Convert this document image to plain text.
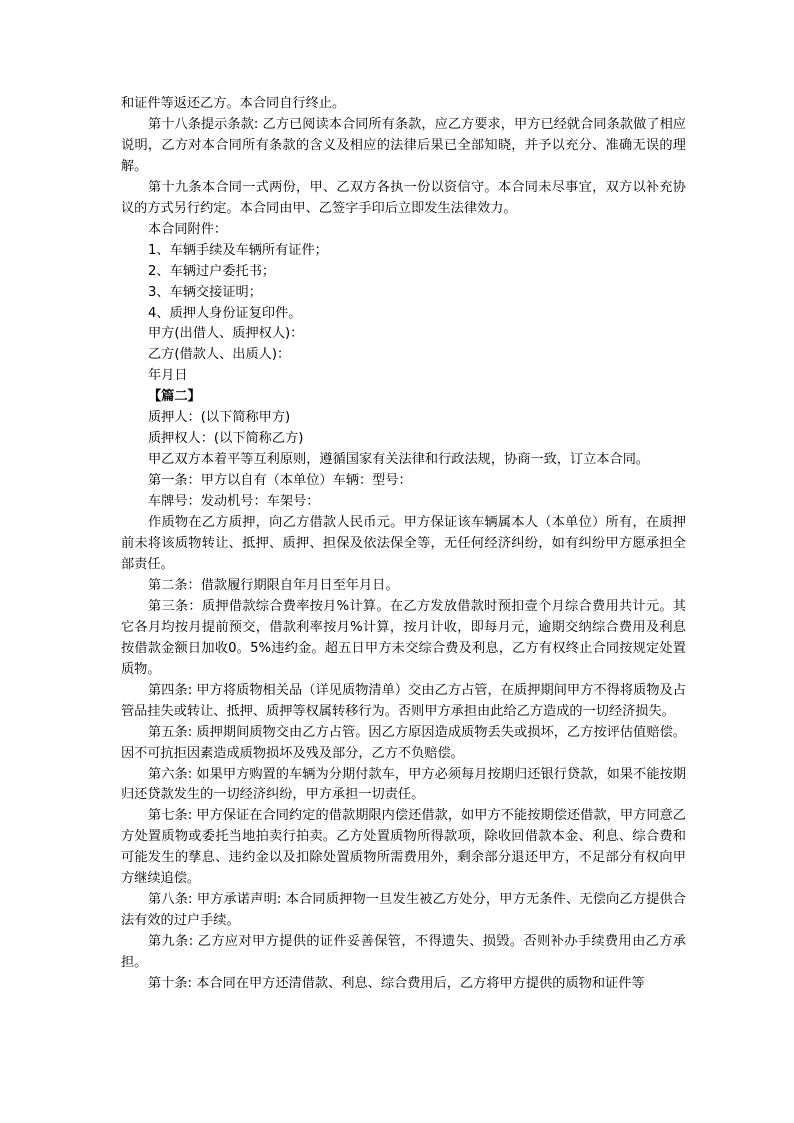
和证件等返还乙方。本合同自行终止。

第十八条提示条款: 乙方已阅读本合同所有条款，应乙方要求，甲方已经就合同条款做了相应说明，乙方对本合同所有条款的含义及相应的法律后果已全部知晓，并予以充分、准确无误的理解。

第十九条本合同一式两份，甲、乙双方各执一份以资信守。本合同未尽事宜，双方以补充协议的方式另行约定。本合同由甲、乙签字手印后立即发生法律效力。

本合同附件：

1、车辆手续及车辆所有证件；

2、车辆过户委托书；

3、车辆交接证明；

4、质押人身份证复印件。

甲方(出借人、质押权人)：

乙方(借款人、出质人)：

年月日

【篇二】

质押人：(以下简称甲方)

质押权人：(以下简称乙方)

甲乙双方本着平等互利原则，遵循国家有关法律和行政法规，协商一致，订立本合同。

第一条：甲方以自有（本单位）车辆：型号：

车牌号：发动机号：车架号：

作质物在乙方质押，向乙方借款人民币元。甲方保证该车辆属本人（本单位）所有，在质押前未将该质物转让、抵押、质押、担保及依法保全等，无任何经济纠纷，如有纠纷甲方愿承担全部责任。

第二条：借款履行期限自年月日至年月日。

第三条：质押借款综合费率按月%计算。在乙方发放借款时预扣壹个月综合费用共计元。其它各月均按月提前预交，借款利率按月%计算，按月计收，即每月元，逾期交纳综合费用及利息按借款金额日加收0。5%违约金。超五日甲方未交综合费及利息，乙方有权终止合同按规定处置质物。

第四条: 甲方将质物相关品（详见质物清单）交由乙方占管，在质押期间甲方不得将质物及占管品挂失或转让、抵押、质押等权属转移行为。否则甲方承担由此给乙方造成的一切经济损失。

第五条: 质押期间质物交由乙方占管。因乙方原因造成质物丢失或损坏，乙方按评估值赔偿。因不可抗拒因素造成质物损坏及残及部分，乙方不负赔偿。

第六条: 如果甲方购置的车辆为分期付款车，甲方必须每月按期归还银行贷款，如果不能按期归还贷款发生的一切经济纠纷，甲方承担一切责任。

第七条: 甲方保证在合同约定的借款期限内偿还借款，如甲方不能按期偿还借款，甲方同意乙方处置质物或委托当地拍卖行拍卖。乙方处置质物所得款项，除收回借款本金、利息、综合费和可能发生的孳息、违约金以及扣除处置质物所需费用外，剩余部分退还甲方，不足部分有权向甲方继续追偿。

第八条: 甲方承诺声明: 本合同质押物一旦发生被乙方处分，甲方无条件、无偿向乙方提供合法有效的过户手续。

第九条: 乙方应对甲方提供的证件妥善保管，不得遗失、损毁。否则补办手续费用由乙方承担。

第十条: 本合同在甲方还清借款、利息、综合费用后，乙方将甲方提供的质物和证件等
